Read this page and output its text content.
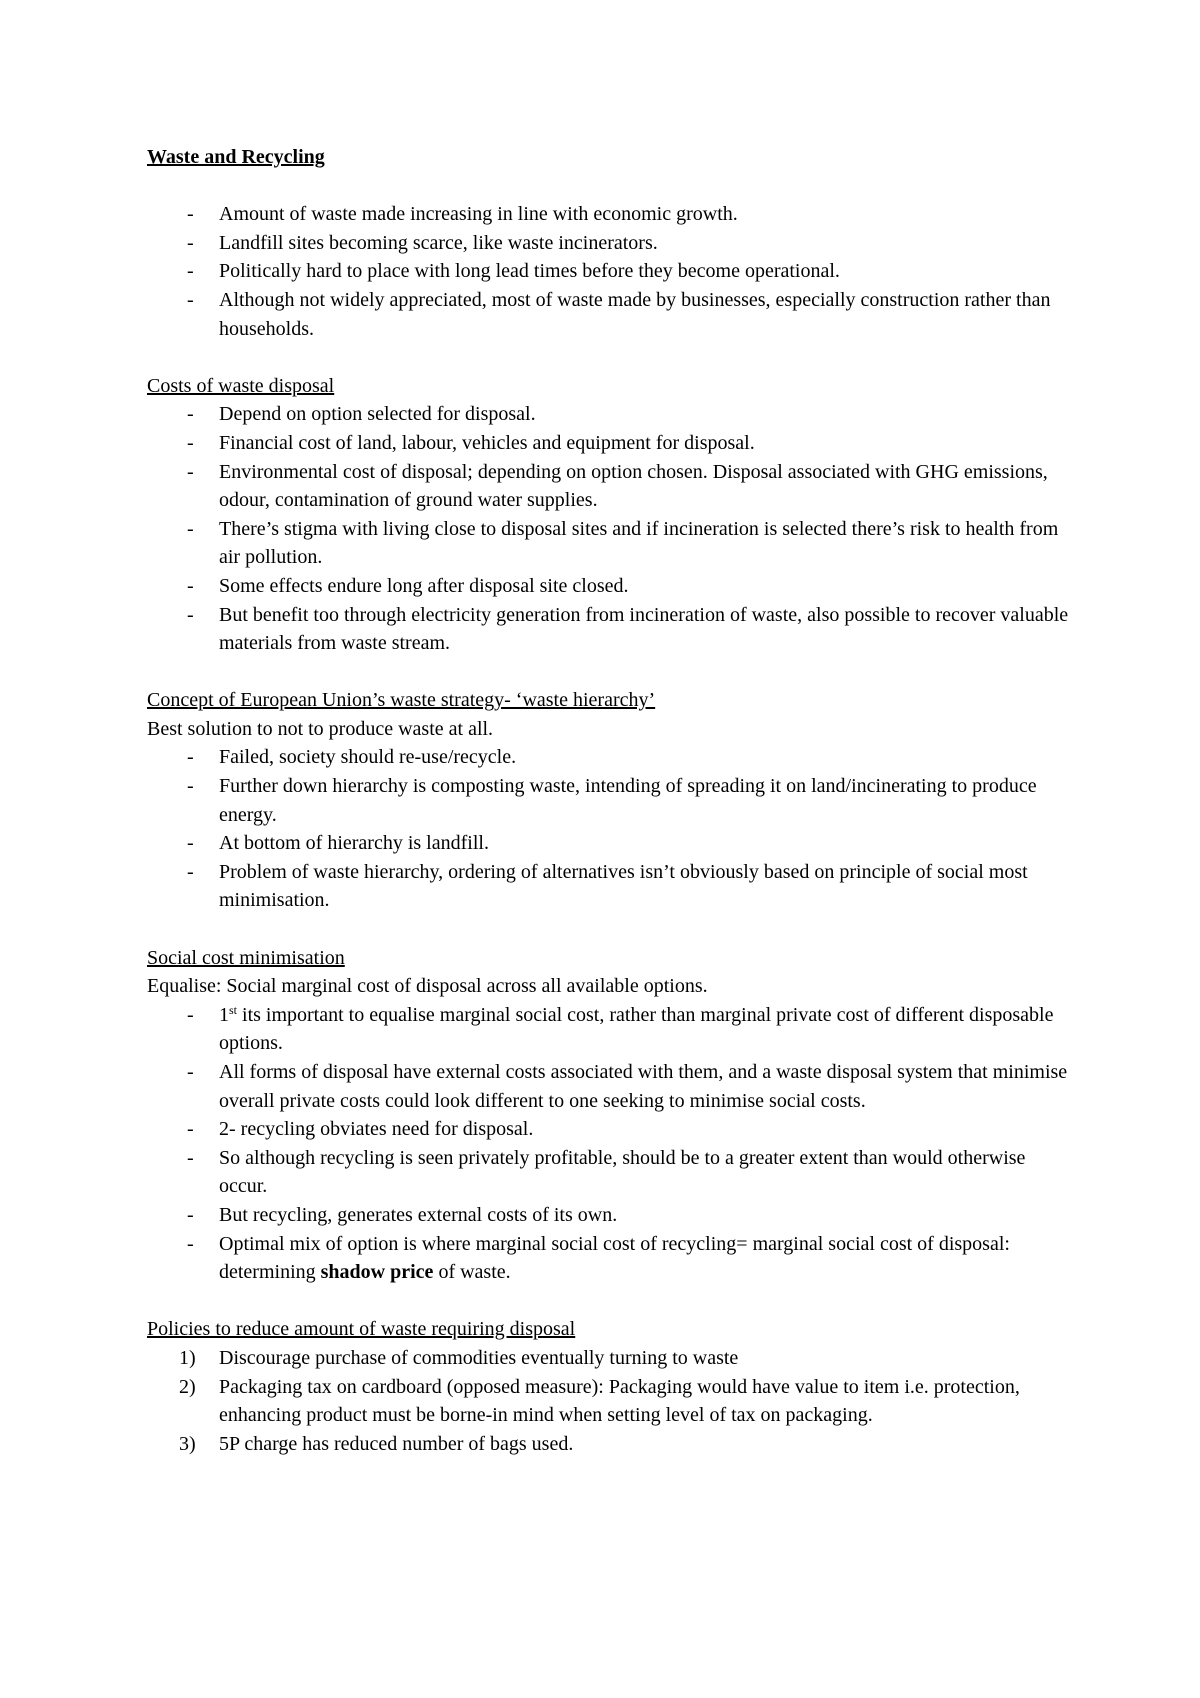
Waste and Recycling
- Amount of waste made increasing in line with economic growth.
- Landfill sites becoming scarce, like waste incinerators.
- Politically hard to place with long lead times before they become operational.
- Although not widely appreciated, most of waste made by businesses, especially construction rather than households.
Costs of waste disposal
- Depend on option selected for disposal.
- Financial cost of land, labour, vehicles and equipment for disposal.
- Environmental cost of disposal; depending on option chosen. Disposal associated with GHG emissions, odour, contamination of ground water supplies.
- There’s stigma with living close to disposal sites and if incineration is selected there’s risk to health from air pollution.
- Some effects endure long after disposal site closed.
- But benefit too through electricity generation from incineration of waste, also possible to recover valuable materials from waste stream.
Concept of European Union’s waste strategy- ‘waste hierarchy’
Best solution to not to produce waste at all.
- Failed, society should re-use/recycle.
- Further down hierarchy is composting waste, intending of spreading it on land/incinerating to produce energy.
- At bottom of hierarchy is landfill.
- Problem of waste hierarchy, ordering of alternatives isn’t obviously based on principle of social most minimisation.
Social cost minimisation
Equalise: Social marginal cost of disposal across all available options.
- 1st its important to equalise marginal social cost, rather than marginal private cost of different disposable options.
- All forms of disposal have external costs associated with them, and a waste disposal system that minimise overall private costs could look different to one seeking to minimise social costs.
- 2- recycling obviates need for disposal.
- So although recycling is seen privately profitable, should be to a greater extent than would otherwise occur.
- But recycling, generates external costs of its own.
- Optimal mix of option is where marginal social cost of recycling= marginal social cost of disposal: determining shadow price of waste.
Policies to reduce amount of waste requiring disposal
1) Discourage purchase of commodities eventually turning to waste
2) Packaging tax on cardboard (opposed measure): Packaging would have value to item i.e. protection, enhancing product must be borne-in mind when setting level of tax on packaging.
3) 5P charge has reduced number of bags used.
